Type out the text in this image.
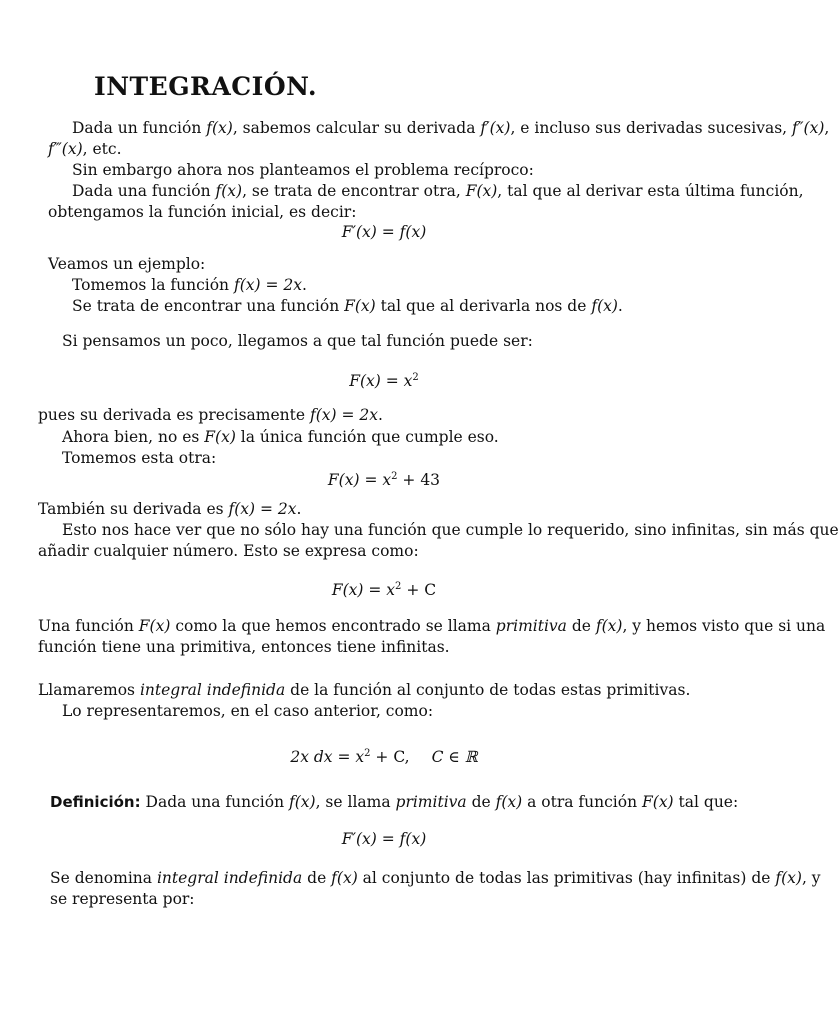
INTEGRACIÓN.
Dada un función f(x), sabemos calcular su derivada f′(x), e incluso sus derivadas sucesivas, f″(x),
f‴(x), etc.
Sin embargo ahora nos planteamos el problema recíproco:
Dada una función f(x), se trata de encontrar otra, F(x), tal que al derivar esta última función,
obtengamos la función inicial, es decir:
F′(x) = f(x)
Veamos un ejemplo:
Tomemos la función f(x) = 2x.
Se trata de encontrar una función F(x) tal que al derivarla nos de f(x).
Si pensamos un poco, llegamos a que tal función puede ser:
$F(x) = x^2$
pues su derivada es precisamente f(x) = 2x.
Ahora bien, no es F(x) la única función que cumple eso.
Tomemos esta otra:
$F(x) = x^2 + 43$
También su derivada es f(x) = 2x.
Esto nos hace ver que no sólo hay una función que cumple lo requerido, sino infinitas, sin más que
añadir cualquier número. Esto se expresa como:
$F(x) = x^2 + C$
Una función F(x) como la que hemos encontrado se llama primitiva de f(x), y hemos visto que si una
función tiene una primitiva, entonces tiene infinitas.
Llamaremos integral indefinida de la función al conjunto de todas estas primitivas.
Lo representaremos, en el caso anterior, como:
2x dx = $x^2 + C$, C ∈ ℝ
Definición: Dada una función f(x), se llama primitiva de f(x) a otra función F(x) tal que:
F′(x) = f(x)
Se denomina integral indefinida de f(x) al conjunto de todas las primitivas (hay infinitas) de f(x), y
se representa por:
